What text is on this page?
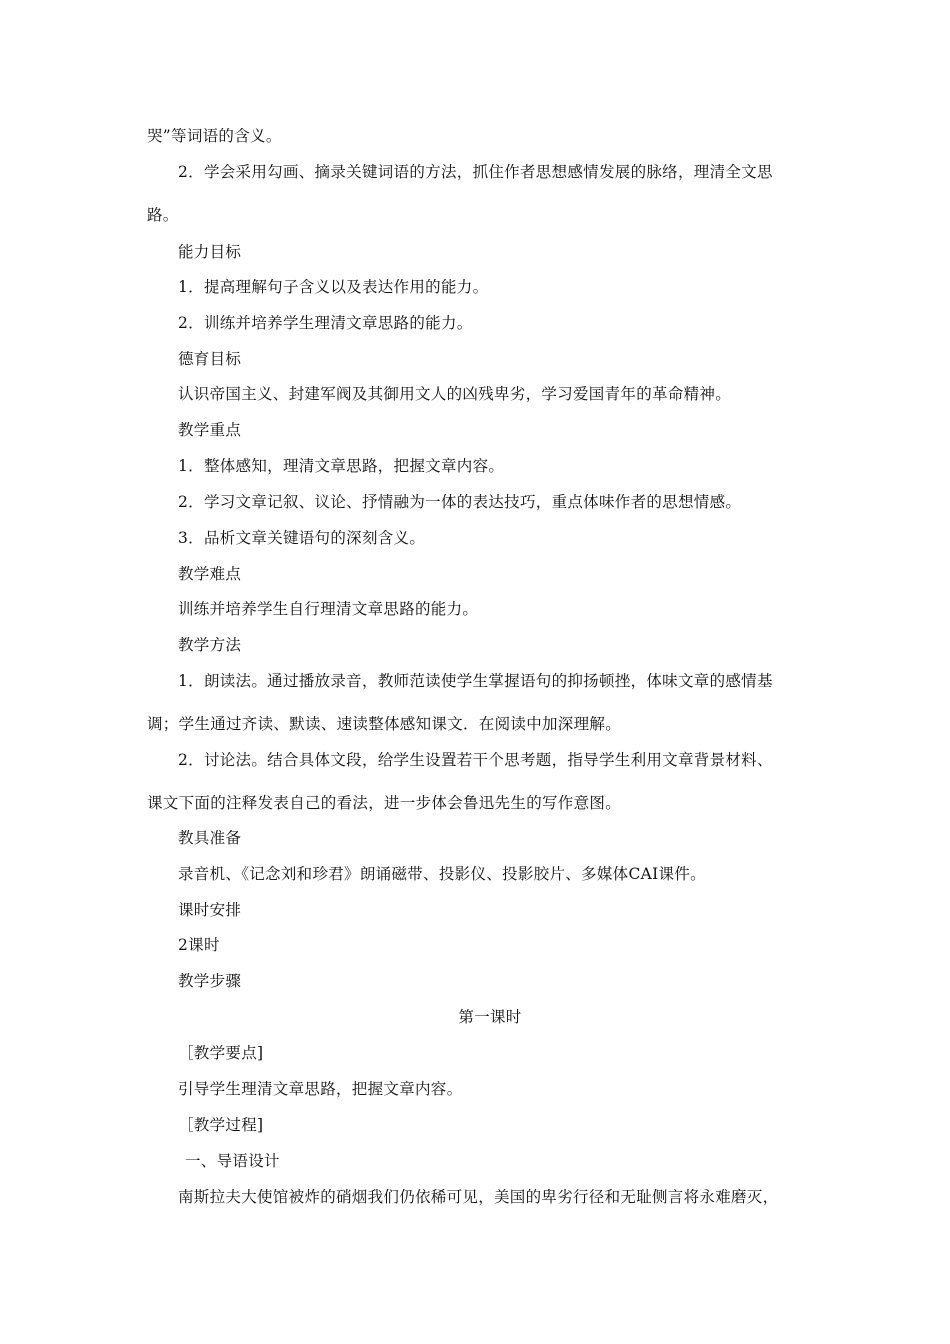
哭”等词语的含义。
2．学会采用勾画、摘录关键词语的方法，抓住作者思想感情发展的脉络，理清全文思
路。
能力目标
1．提高理解句子含义以及表达作用的能力。
2．训练并培养学生理清文章思路的能力。
德育目标
认识帝国主义、封建军阀及其御用文人的凶残卑劣，学习爱国青年的革命精神。
教学重点
1．整体感知，理清文章思路，把握文章内容。
2．学习文章记叙、议论、抒情融为一体的表达技巧，重点体味作者的思想情感。
3．品析文章关键语句的深刻含义。
教学难点
训练并培养学生自行理清文章思路的能力。
教学方法
1．朗读法。通过播放录音，教师范读使学生掌握语句的抑扬顿挫，体味文章的感情基
调；学生通过齐读、默读、速读整体感知课文．在阅读中加深理解。
2．讨论法。结合具体文段，给学生设置若干个思考题，指导学生利用文章背景材料、
课文下面的注释发表自己的看法，进一步体会鲁迅先生的写作意图。
教具准备
录音机、《记念刘和珍君》朗诵磁带、投影仪、投影胶片、多媒体CAI课件。
课时安排
2课时
教学步骤
第一课时
［教学要点]
引导学生理清文章思路，把握文章内容。
［教学过程]
一、导语设计
南斯拉夫大使馆被炸的硝烟我们仍依稀可见，美国的卑劣行径和无耻侧言将永难磨灭，
